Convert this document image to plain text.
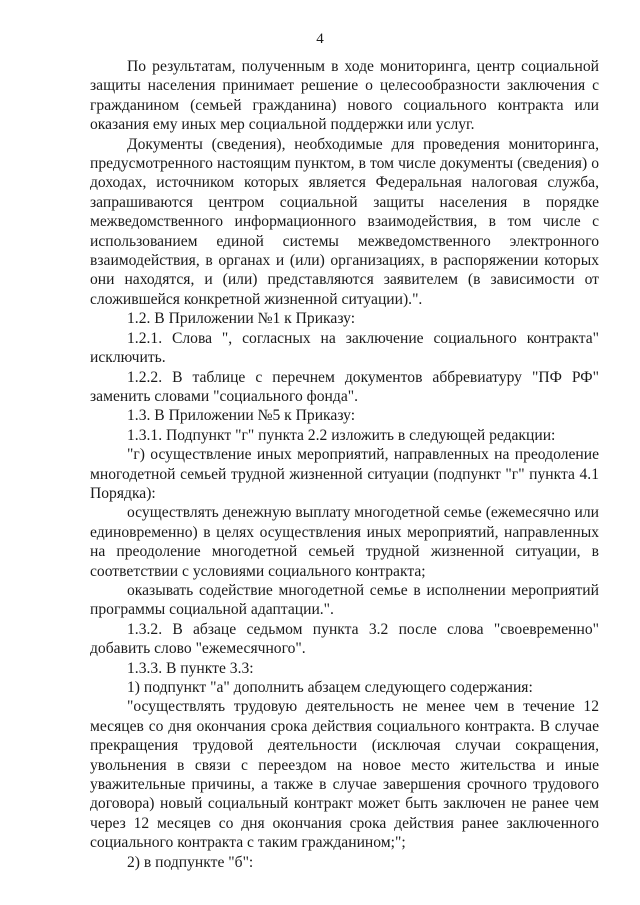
4

По результатам, полученным в ходе мониторинга, центр социальной защиты населения принимает решение о целесообразности заключения с гражданином (семьей гражданина) нового социального контракта или оказания ему иных мер социальной поддержки или услуг.

Документы (сведения), необходимые для проведения мониторинга, предусмотренного настоящим пунктом, в том числе документы (сведения) о доходах, источником которых является Федеральная налоговая служба, запрашиваются центром социальной защиты населения в порядке межведомственного информационного взаимодействия, в том числе с использованием единой системы межведомственного электронного взаимодействия, в органах и (или) организациях, в распоряжении которых они находятся, и (или) представляются заявителем (в зависимости от сложившейся конкретной жизненной ситуации).".

1.2. В Приложении №1 к Приказу:

1.2.1. Слова ", согласных на заключение социального контракта" исключить.

1.2.2. В таблице с перечнем документов аббревиатуру "ПФ РФ" заменить словами "социального фонда".

1.3. В Приложении №5 к Приказу:

1.3.1. Подпункт "г" пункта 2.2 изложить в следующей редакции:

"г) осуществление иных мероприятий, направленных на преодоление многодетной семьей трудной жизненной ситуации (подпункт "г" пункта 4.1 Порядка):

осуществлять денежную выплату многодетной семье (ежемесячно или единовременно) в целях осуществления иных мероприятий, направленных на преодоление многодетной семьей трудной жизненной ситуации, в соответствии с условиями социального контракта;

оказывать содействие многодетной семье в исполнении мероприятий программы социальной адаптации.".

1.3.2. В абзаце седьмом пункта 3.2 после слова "своевременно" добавить слово "ежемесячного".

1.3.3. В пункте 3.3:

1) подпункт "а" дополнить абзацем следующего содержания:

"осуществлять трудовую деятельность не менее чем в течение 12 месяцев со дня окончания срока действия социального контракта. В случае прекращения трудовой деятельности (исключая случаи сокращения, увольнения в связи с переездом на новое место жительства и иные уважительные причины, а также в случае завершения срочного трудового договора) новый социальный контракт может быть заключен не ранее чем через 12 месяцев со дня окончания срока действия ранее заключенного социального контракта с таким гражданином;";

2) в подпункте "б":
